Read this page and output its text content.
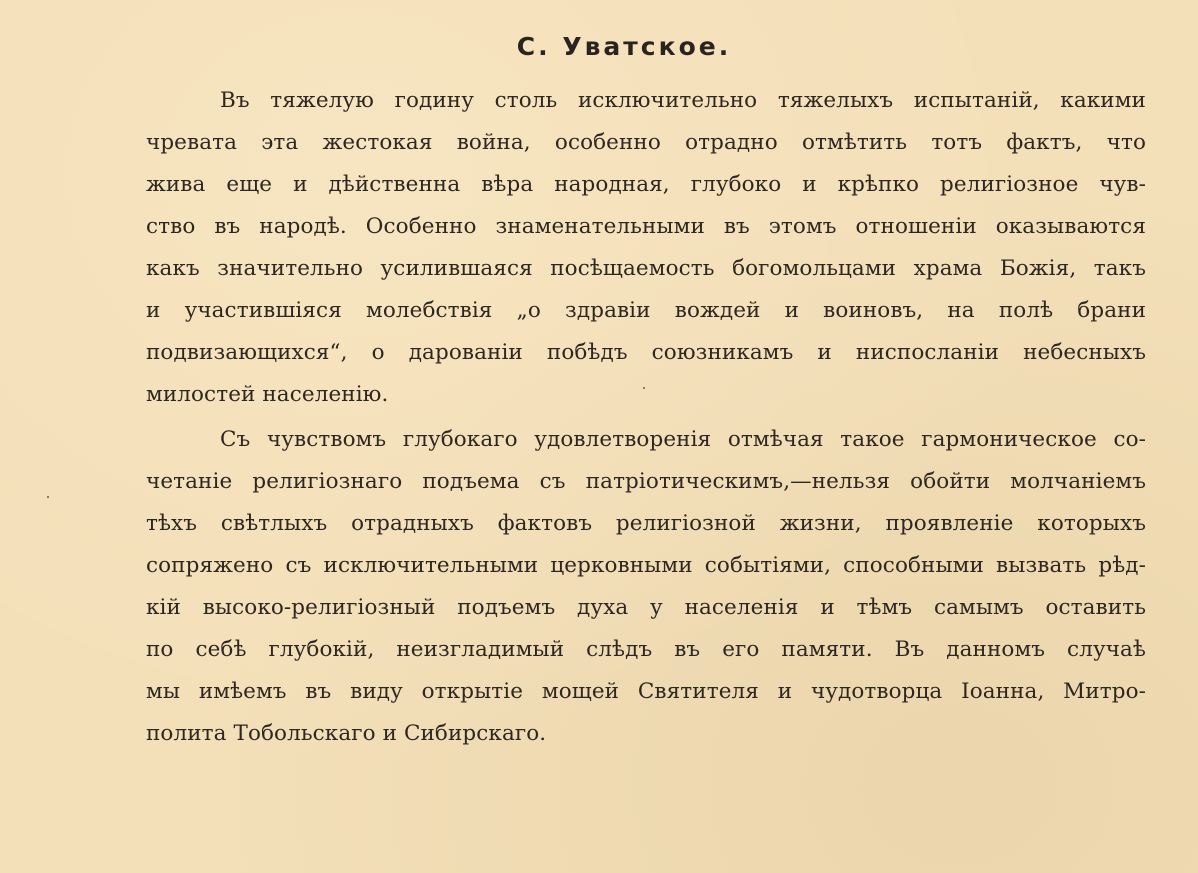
С. Уватское.
Въ тяжелую годину столь исключительно тяжелыхъ испытаній, какими
чревата эта жестокая война, особенно отрадно отмѣтить тотъ фактъ, что
жива еще и дѣйственна вѣра народная, глубоко и крѣпко религіозное чув-
ство въ народѣ. Особенно знаменательными въ этомъ отношеніи оказываются
какъ значительно усилившаяся посѣщаемость богомольцами храма Божія, такъ
и участившіяся молебствія „о здравіи вождей и воиновъ, на полѣ брани
подвизающихся“, о дарованіи побѣдъ союзникамъ и ниспосланіи небесныхъ
милостей населенію.
Съ чувствомъ глубокаго удовлетворенія отмѣчая такое гармоническое со-
четаніе религіознаго подъема съ патріотическимъ,—нельзя обойти молчаніемъ
тѣхъ свѣтлыхъ отрадныхъ фактовъ религіозной жизни, проявленіе которыхъ
сопряжено съ исключительными церковными событіями, способными вызвать рѣд-
кій высоко-религіозный подъемъ духа у населенія и тѣмъ самымъ оставить
по себѣ глубокій, неизгладимый слѣдъ въ его памяти. Въ данномъ случаѣ
мы имѣемъ въ виду открытіе мощей Святителя и чудотворца Іоанна, Митро-
полита Тобольскаго и Сибирскаго.
